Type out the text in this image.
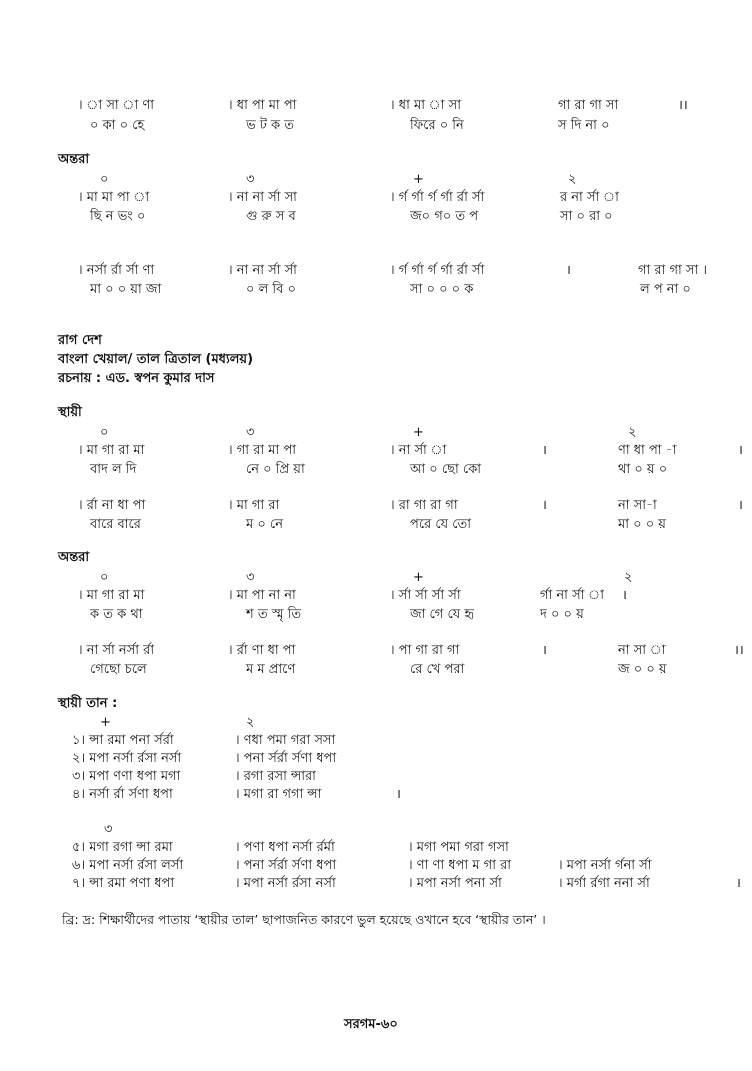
। া সা া ণা	। ধা পা মা পা	। ধা মা া সা	গা রা গা সা	।।
০ কা ০ হে	ভ ট ক ত	ফিরে ০ নি	স দি না ০
অন্তরা
০	৩	+	২
। মা মা পা া	। না না র্সা সা	। র্গ র্গা র্গ র্গা র্রা র্সা	র না র্সা া
ছি ন ভং ০	গু রু স ব	জ০ গ০ ত প	সা ০ রা ০
। নর্সা র্রা র্সা ণা	। না না র্সা র্সা	। র্গ র্গা র্গ র্গা র্রা র্সা	।	গা রা গা সা ।
মা ০ ০ য়া জা	০ ল বি ০	সা ০ ০ ০ ক	ল প না ০
রাগ দেশ
বাংলা খেয়াল/ তাল ত্রিতাল (মধ্যলয়)
রচনায় : এড. স্বপন কুমার দাস
স্থায়ী
০	৩	+	২
। মা গা রা মা	। গা রা মা পা	। না র্সা া	।	ণা ধা পা -া	।
বাদ ল দি	নে ০ প্রি য়া	আ ০ ছো কো	থা ০ য় ০
। র্রা না ধা পা	। মা গা রা	। রা গা রা গা	।	না সা-া	।
বারে বারে	ম ০ নে	পরে যে তো	মা ০ ০ য়
অন্তরা
০	৩	+	২
। মা গা রা মা	। মা পা না না	। র্সা র্সা র্সা র্সা	র্গা না র্সা া ।
ক ত ক থা	শ ত স্মৃ তি	জা গে যে হৃ	দ ০ ০ য়
। না র্সা নর্সা র্রা	। র্রা ণা ধা পা	। পা গা রা গা	।	না সা া	।।
গেছো চলে	ম ম প্রাণে	রে খে পরা	জ ০ ০ য়
স্থায়ী তান :
+	২
১। ন্সা রমা পনা র্সর্রা	। ণধা পমা গরা সসা
২। মপা নর্সা র্রসা নর্সা	। পনা র্সর্রা র্সণা ধপা
৩। মপা ণণা ধপা মগা	। রগা রসা ন্সারা
৪। নর্সা র্রা র্সণা ধপা	। মগা রা গগা ন্সা	।
৩
৫। মগা রগা ন্সা রমা	। পণা ধপা নর্সা র্রর্মা	। মগা পমা গরা গসা
৬। মপা নর্সা র্রসা লর্সা	। পনা র্সর্রা র্সণা ধপা	। ণা ণা ধপা ম গা রা	। মপা নর্সা র্গনা র্সা
৭। ন্সা রমা পণা ধপা	। মপা নর্সা র্রসা নর্সা	। মপা নর্সা পনা র্সা	। মর্গা র্রগা ননা র্সা	।
ব্রি: দ্র: শিক্ষার্থীদের পাতায় ‘স্থায়ীর তাল’ ছাপাজনিত কারণে ভুল হয়েছে ওখানে হবে ‘স্থায়ীর তান’ ।
সরগম-৬০
